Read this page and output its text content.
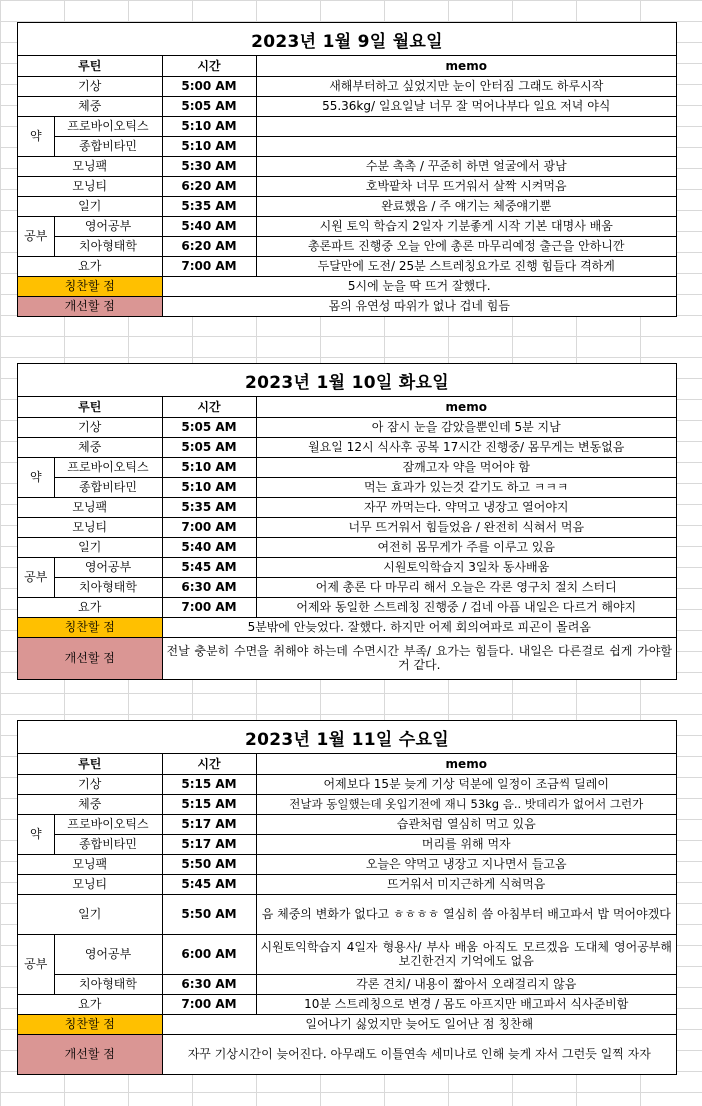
2023년 1월 9일 월요일
루틴		시간	memo
기상		5:00 AM	새해부터하고 싶었지만 눈이 안터짐 그래도 하루시작
체중		5:05 AM	55.36kg/ 일요일날 너무 잘 먹어나부다 일요 저녁 야식
약	프로바이오틱스	5:10 AM	
	종합비타민	5:10 AM	
모닝팩		5:30 AM	수분 촉촉 / 꾸준히 하면 얼굴에서 광남
모닝티		6:20 AM	호박팥차 너무 뜨거워서 살짝 시켜먹음
일기		5:35 AM	완료했음 / 주 얘기는 체중얘기뿐
공부	영어공부	5:40 AM	시원 토익 학습지 2일자 기분좋게 시작 기본 대명사 배움
	치아형태학	6:20 AM	총론파트 진행중 오늘 안에 총론 마무리예정 출근을 안하니깐
요가		7:00 AM	두달만에 도전/ 25분 스트레칭요가로 진행 힘들다 격하게
칭찬할 점		5시에 눈을 딱 뜨거 잘했다.	
개선할 점		몸의 유연성 따위가 없나 겁네 힘듬	
2023년 1월 10일 화요일
루틴		시간	memo
기상		5:05 AM	아 잠시 눈을 감았을뿐인데 5분 지남
체중		5:05 AM	월요일 12시 식사후 공복 17시간 진행중/ 몸무게는 변동없음
약	프로바이오틱스	5:10 AM	잠깨고자 약을 먹어야 함
	종합비타민	5:10 AM	먹는 효과가 있는것 같기도 하고 ㅋㅋㅋ
모닝팩		5:35 AM	자꾸 까먹는다. 약먹고 냉장고 열어야지
모닝티		7:00 AM	너무 뜨거워서 힘들었음 / 완전히 식혀서 먹음
일기		5:40 AM	여전히 몸무게가 주를 이루고 있음
공부	영어공부	5:45 AM	시원토익학습지 3일차 동사배움
	치아형태학	6:30 AM	어제 총론 다 마무리 해서 오늘은 각론 영구치 절치 스터디
요가		7:00 AM	어제와 동일한 스트레칭 진행중 / 겁네 아픔 내일은 다르거 해야지
칭찬할 점		5분밖에 안늦었다. 잘했다. 하지만 어제 회의여파로 피곤이 몰려옴	
개선할 점		전날 충분히 수면을 취해야 하는데 수면시간 부족/ 요가는 힘들다. 내일은 다른걸로 쉽게 가야할거 같다.	
2023년 1월 11일 수요일
루틴		시간	memo
기상		5:15 AM	어제보다 15분 늦게 기상 덕분에 일정이 조금씩 딜레이
체중		5:15 AM	전날과 동일했는데 옷입기전에 재니 53kg 음.. 밧데리가 없어서 그런가
약	프로바이오틱스	5:17 AM	습관처럼 열심히 먹고 있음
	종합비타민	5:17 AM	머리를 위해 먹자
모닝팩		5:50 AM	오늘은 약먹고 냉장고 지나면서 들고옴
모닝티		5:45 AM	뜨거워서 미지근하게 식혀먹음
일기		5:50 AM	음 체중의 변화가 없다고 ㅎㅎㅎㅎ 열심히 씀 아침부터 배고파서 밥 먹어야겠다
공부	영어공부	6:00 AM	시원토익학습지 4일자 형용사/ 부사 배움 아직도 모르겠음 도대체 영어공부해보긴한건지 기억에도 없음
	치아형태학	6:30 AM	각론 견치/ 내용이 짧아서 오래걸리지 않음
요가		7:00 AM	10분 스트레칭으로 변경 / 몸도 아프지만 배고파서 식사준비함
칭찬할 점		일어나기 싫었지만 늦어도 일어난 점 칭찬해	
개선할 점		자꾸 기상시간이 늦어진다. 아무래도 이틀연속 세미나로 인해 늦게 자서 그런듯 일찍 자자	
